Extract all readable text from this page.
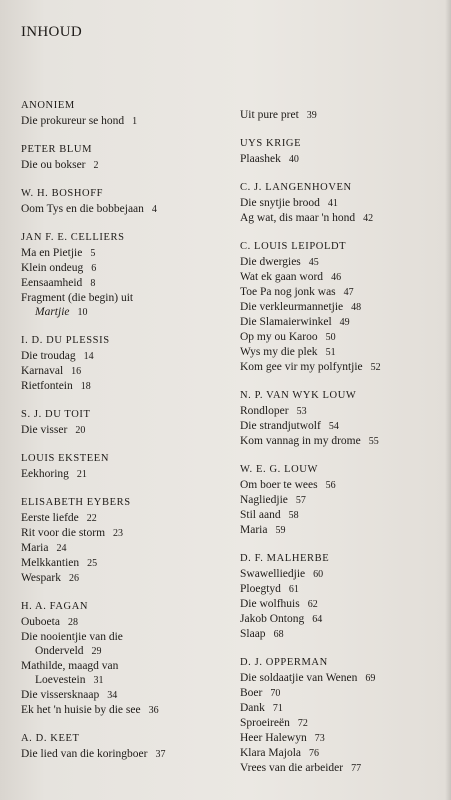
INHOUD
ANONIEM
Die prokureur se hond 1
PETER BLUM
Die ou bokser 2
W. H. BOSHOFF
Oom Tys en die bobbejaan 4
JAN F. E. CELLIERS
Ma en Pietjie 5
Klein ondeug 6
Eensaamheid 8
Fragment (die begin) uit
Martjie 10
I. D. DU PLESSIS
Die troudag 14
Karnaval 16
Rietfontein 18
S. J. DU TOIT
Die visser 20
LOUIS EKSTEEN
Eekhoring 21
ELISABETH EYBERS
Eerste liefde 22
Rit voor die storm 23
Maria 24
Melkkantien 25
Wespark 26
H. A. FAGAN
Ouboeta 28
Die nooientjie van die
Onderveld 29
Mathilde, maagd van
Loevestein 31
Die vissersknaap 34
Ek het 'n huisie by die see 36
A. D. KEET
Die lied van die koringboer 37
Uit pure pret 39
UYS KRIGE
Plaashek 40
C. J. LANGENHOVEN
Die snytjie brood 41
Ag wat, dis maar 'n hond 42
C. LOUIS LEIPOLDT
Die dwergies 45
Wat ek gaan word 46
Toe Pa nog jonk was 47
Die verkleurmannetjie 48
Die Slamaierwinkel 49
Op my ou Karoo 50
Wys my die plek 51
Kom gee vir my polfyntjie 52
N. P. VAN WYK LOUW
Rondloper 53
Die strandjutwolf 54
Kom vannag in my drome 55
W. E. G. LOUW
Om boer te wees 56
Nagliedjie 57
Stil aand 58
Maria 59
D. F. MALHERBE
Swawelliedjie 60
Ploegtyd 61
Die wolfhuis 62
Jakob Ontong 64
Slaap 68
D. J. OPPERMAN
Die soldaatjie van Wenen 69
Boer 70
Dank 71
Sproeireën 72
Heer Halewyn 73
Klara Majola 76
Vrees van die arbeider 77
